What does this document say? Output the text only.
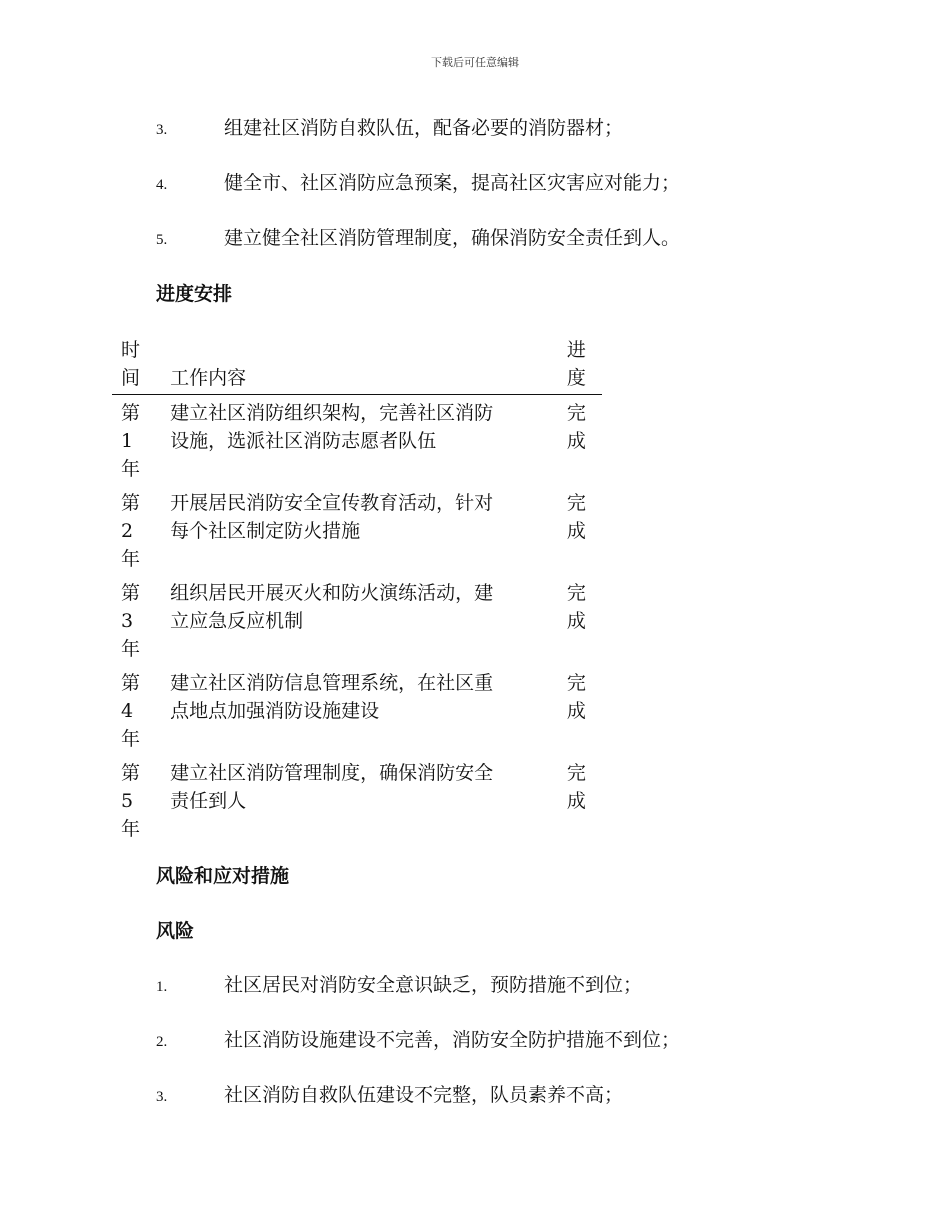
下载后可任意编辑
3.	组建社区消防自救队伍，配备必要的消防器材；
4.	健全市、社区消防应急预案，提高社区灾害应对能力；
5.	建立健全社区消防管理制度，确保消防安全责任到人。
进度安排
时
间	工作内容	进
度

第
1
年	建立社区消防组织架构，完善社区消防
设施，选派社区消防志愿者队伍	完
成

第
2
年	开展居民消防安全宣传教育活动，针对
每个社区制定防火措施	完
成

第
3
年	组织居民开展灭火和防火演练活动，建
立应急反应机制	完
成

第
4
年	建立社区消防信息管理系统，在社区重
点地点加强消防设施建设	完
成

第
5
年	建立社区消防管理制度，确保消防安全
责任到人	完
成
风险和应对措施
风险
1.	社区居民对消防安全意识缺乏，预防措施不到位；
2.	社区消防设施建设不完善，消防安全防护措施不到位；
3.	社区消防自救队伍建设不完整，队员素养不高；
